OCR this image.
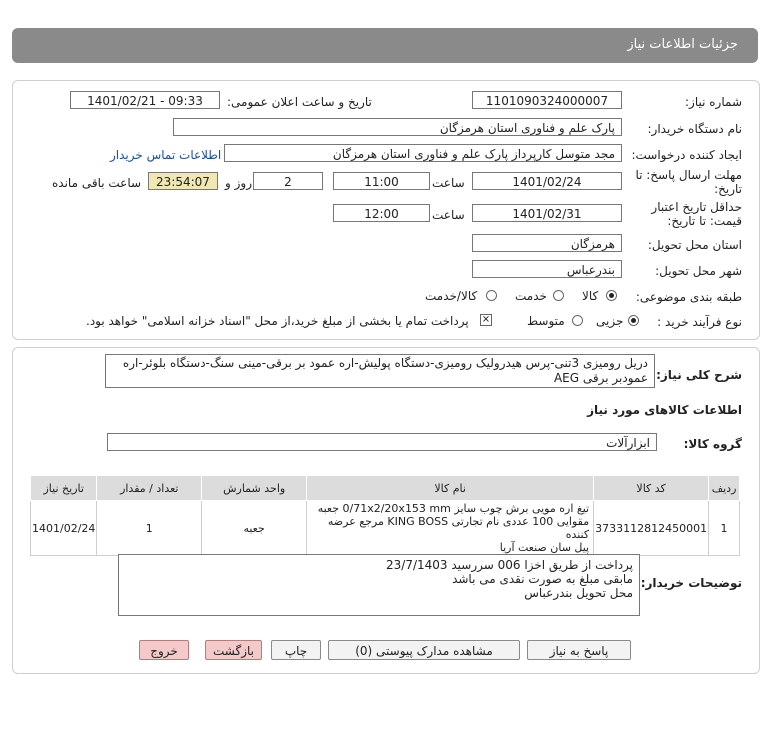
جزئیات اطلاعات نیاز
شماره نیاز:
1101090324000007
تاریخ و ساعت اعلان عمومی:
1401/02/21 - 09:33
نام دستگاه خریدار:
پارک علم و فناوری استان هرمزگان
ایجاد کننده درخواست:
مجد متوسل کارپرداز پارک علم و فناوری استان هرمزگان
اطلاعات تماس خریدار
مهلت ارسال پاسخ: تا
تاریخ:
1401/02/24
ساعت
11:00
2
روز و
23:54:07
ساعت باقی مانده
حداقل تاریخ اعتبار
قیمت: تا تاریخ:
1401/02/31
ساعت
12:00
استان محل تحویل:
هرمزگان
شهر محل تحویل:
بندرعباس
طبقه بندی موضوعی:
کالا
خدمت
کالا/خدمت
نوع فرآیند خرید :
جزیی
متوسط
⨯
پرداخت تمام یا بخشی از مبلغ خرید،از محل "اسناد خزانه اسلامی" خواهد بود.
شرح کلی نیاز:
دریل رومیزی 3تنی-پرس هیدرولیک رومیزی-دستگاه پولیش-اره عمود بر برقی-مینی سنگ-دستگاه بلوئر-اره
عمودبر برقی AEG
اطلاعات کالاهای مورد نیاز
گروه کالا:
ابزارآلات
ردیف	کد کالا	نام کالا	واحد شمارش	تعداد / مقدار	تاریخ نیاز
1	3733112812450001	تیغ اره مویی برش چوب سایز 0/71x2/20x153 mm جعبه
مقوایی 100 عددی نام تجارتی KING BOSS مرجع عرضه کننده
پیل سان صنعت آریا	جعبه	1	1401/02/24
توضیحات خریدار:
پرداخت از طریق اخزا 006 سررسید 23/7/1403
مابقی مبلغ به صورت نقدی می باشد
محل تحویل بندرعباس
پاسخ به نیاز
مشاهده مدارک پیوستی (0)
چاپ
بازگشت
خروج
